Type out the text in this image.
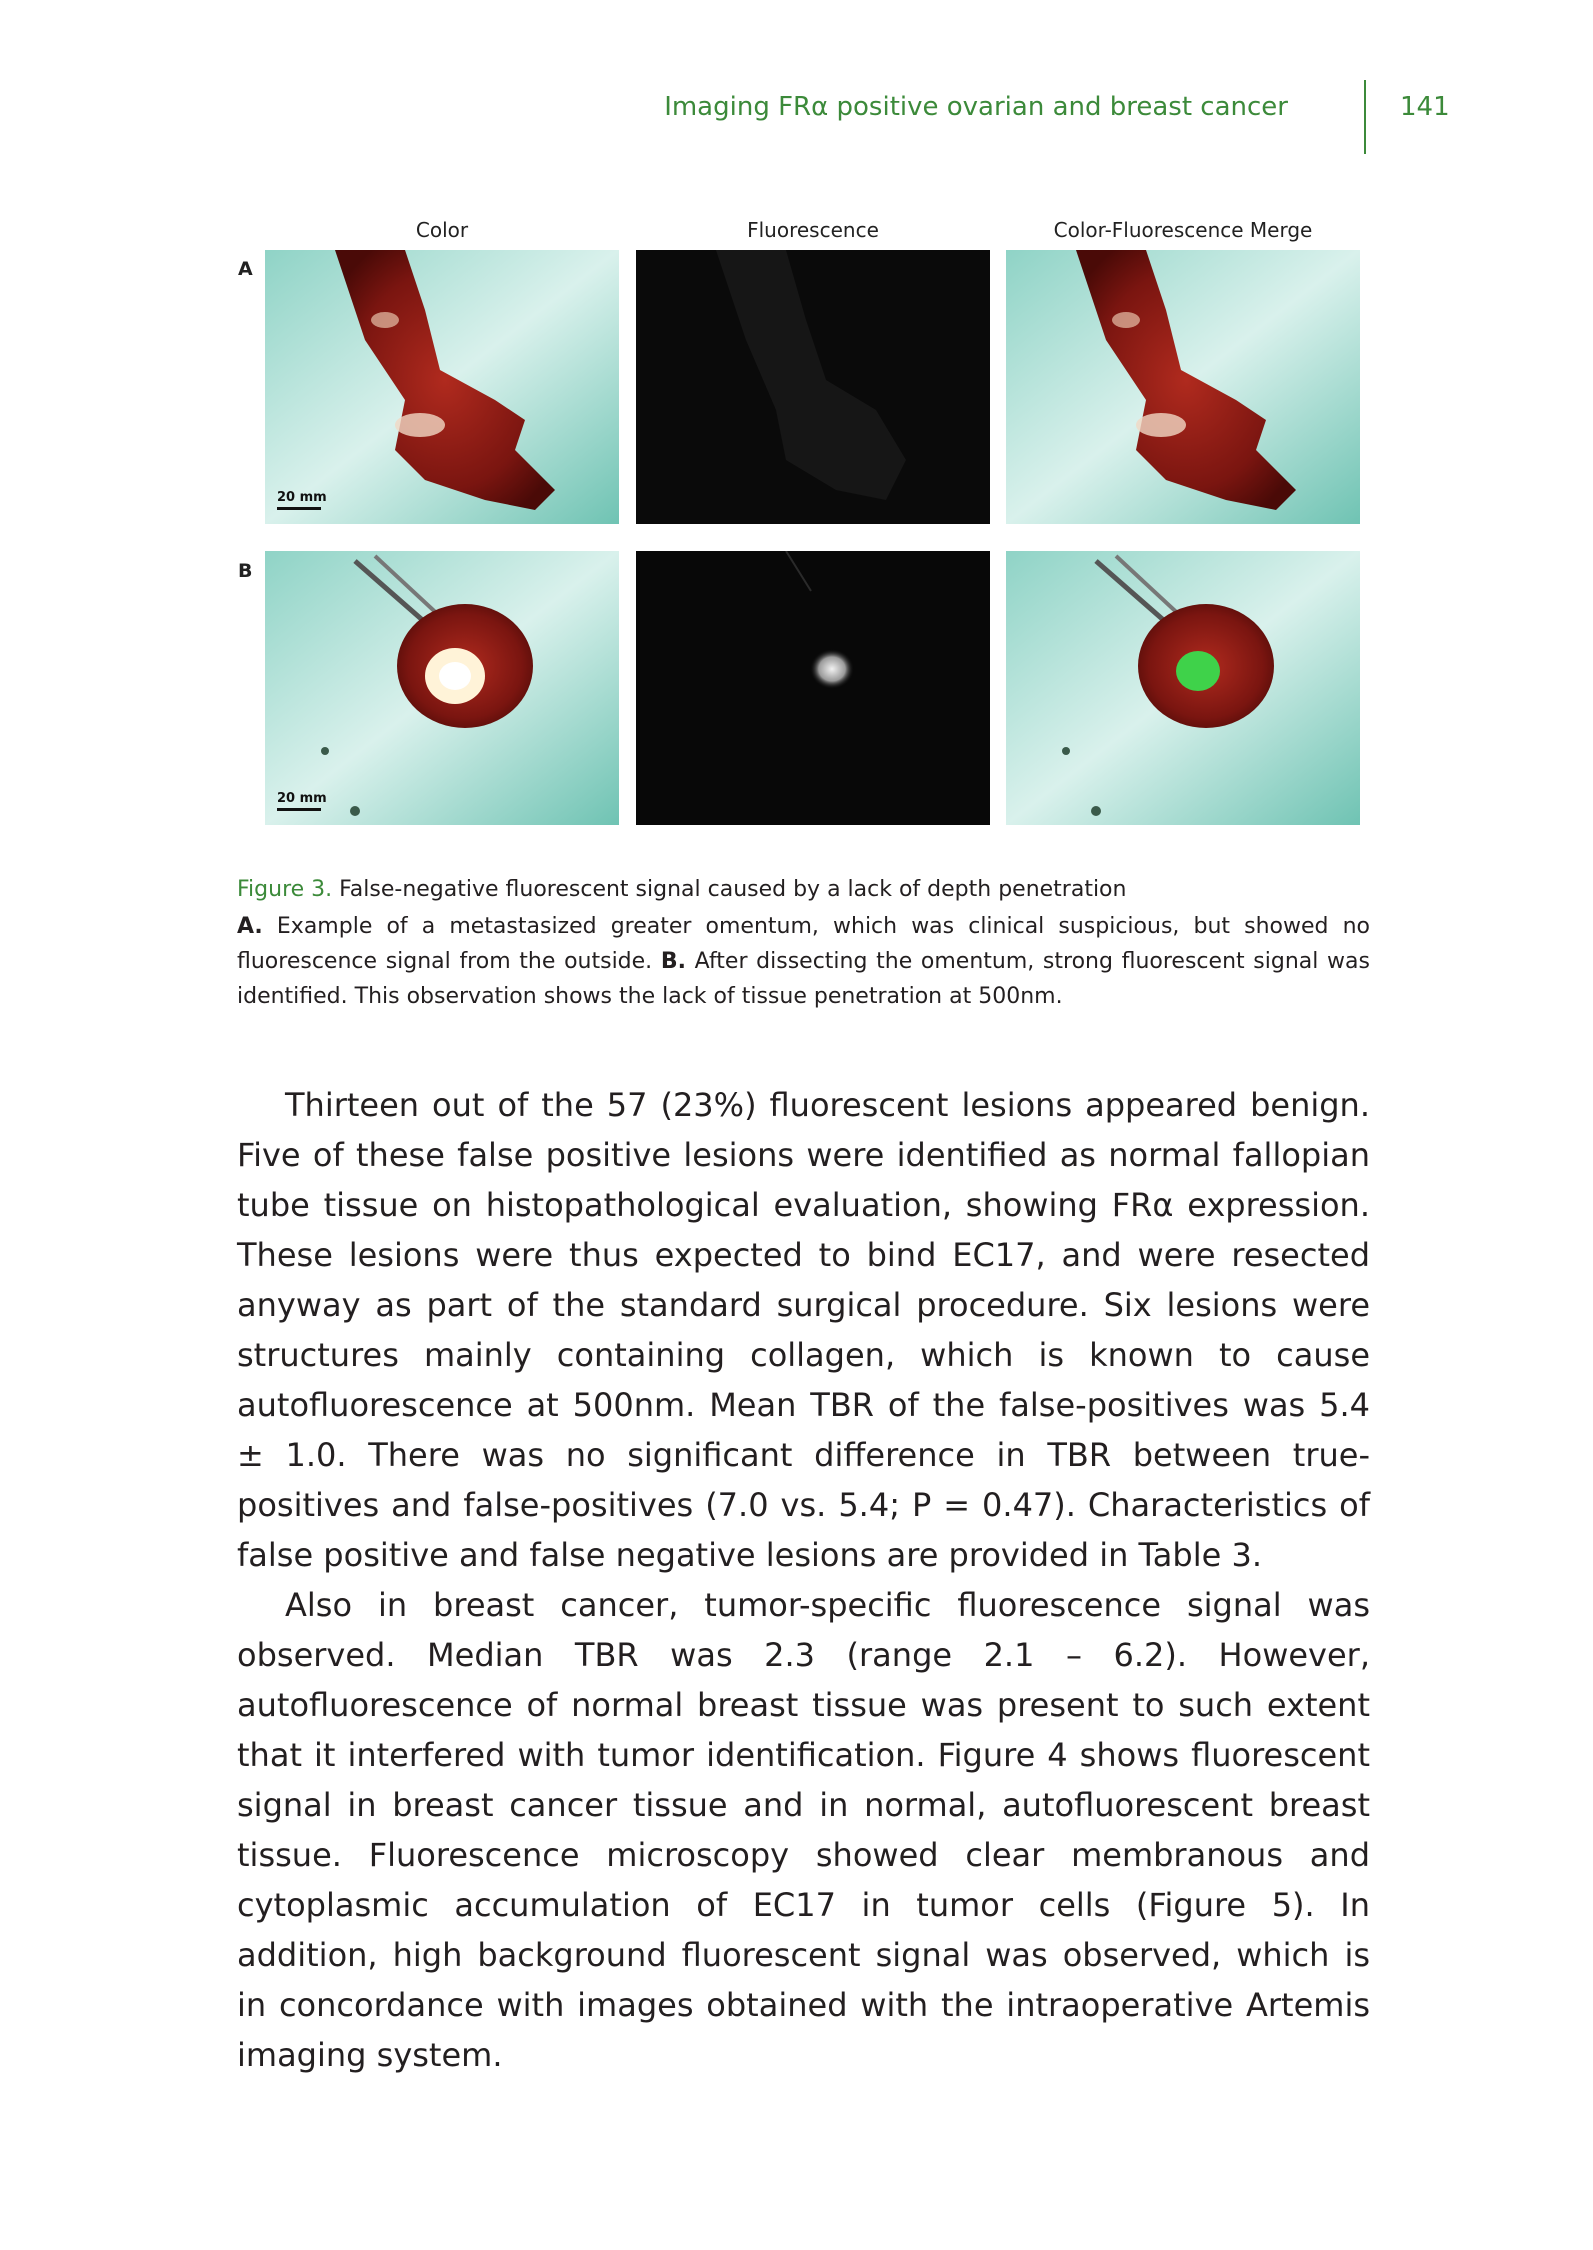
Imaging FRα positive ovarian and breast cancer	141
Color	Fluorescence	Color-Fluorescence Merge
A
B
20 mm
20 mm

Figure 3. False-negative fluorescent signal caused by a lack of depth penetration

A. Example of a metastasized greater omentum, which was clinical suspicious, but showed no fluorescence signal from the outside. B. After dissecting the omentum, strong fluorescent signal was identified. This observation shows the lack of tissue penetration at 500nm.

Thirteen out of the 57 (23%) fluorescent lesions appeared benign. Five of these false positive lesions were identified as normal fallopian tube tissue on histopathological evaluation, showing FRα expression. These lesions were thus expected to bind EC17, and were resected anyway as part of the standard surgical procedure. Six lesions were structures mainly containing collagen, which is known to cause autofluorescence at 500nm. Mean TBR of the false-positives was 5.4 ± 1.0. There was no significant difference in TBR between true-positives and false-positives (7.0 vs. 5.4; P = 0.47). Characteristics of false positive and false negative lesions are provided in Table 3.

Also in breast cancer, tumor-specific fluorescence signal was observed. Median TBR was 2.3 (range 2.1 – 6.2). However, autofluorescence of normal breast tissue was present to such extent that it interfered with tumor identification. Figure 4 shows fluorescent signal in breast cancer tissue and in normal, autofluorescent breast tissue. Fluorescence microscopy showed clear membranous and cytoplasmic accumulation of EC17 in tumor cells (Figure 5). In addition, high background fluorescent signal was observed, which is in concordance with images obtained with the intraoperative Artemis imaging system.
